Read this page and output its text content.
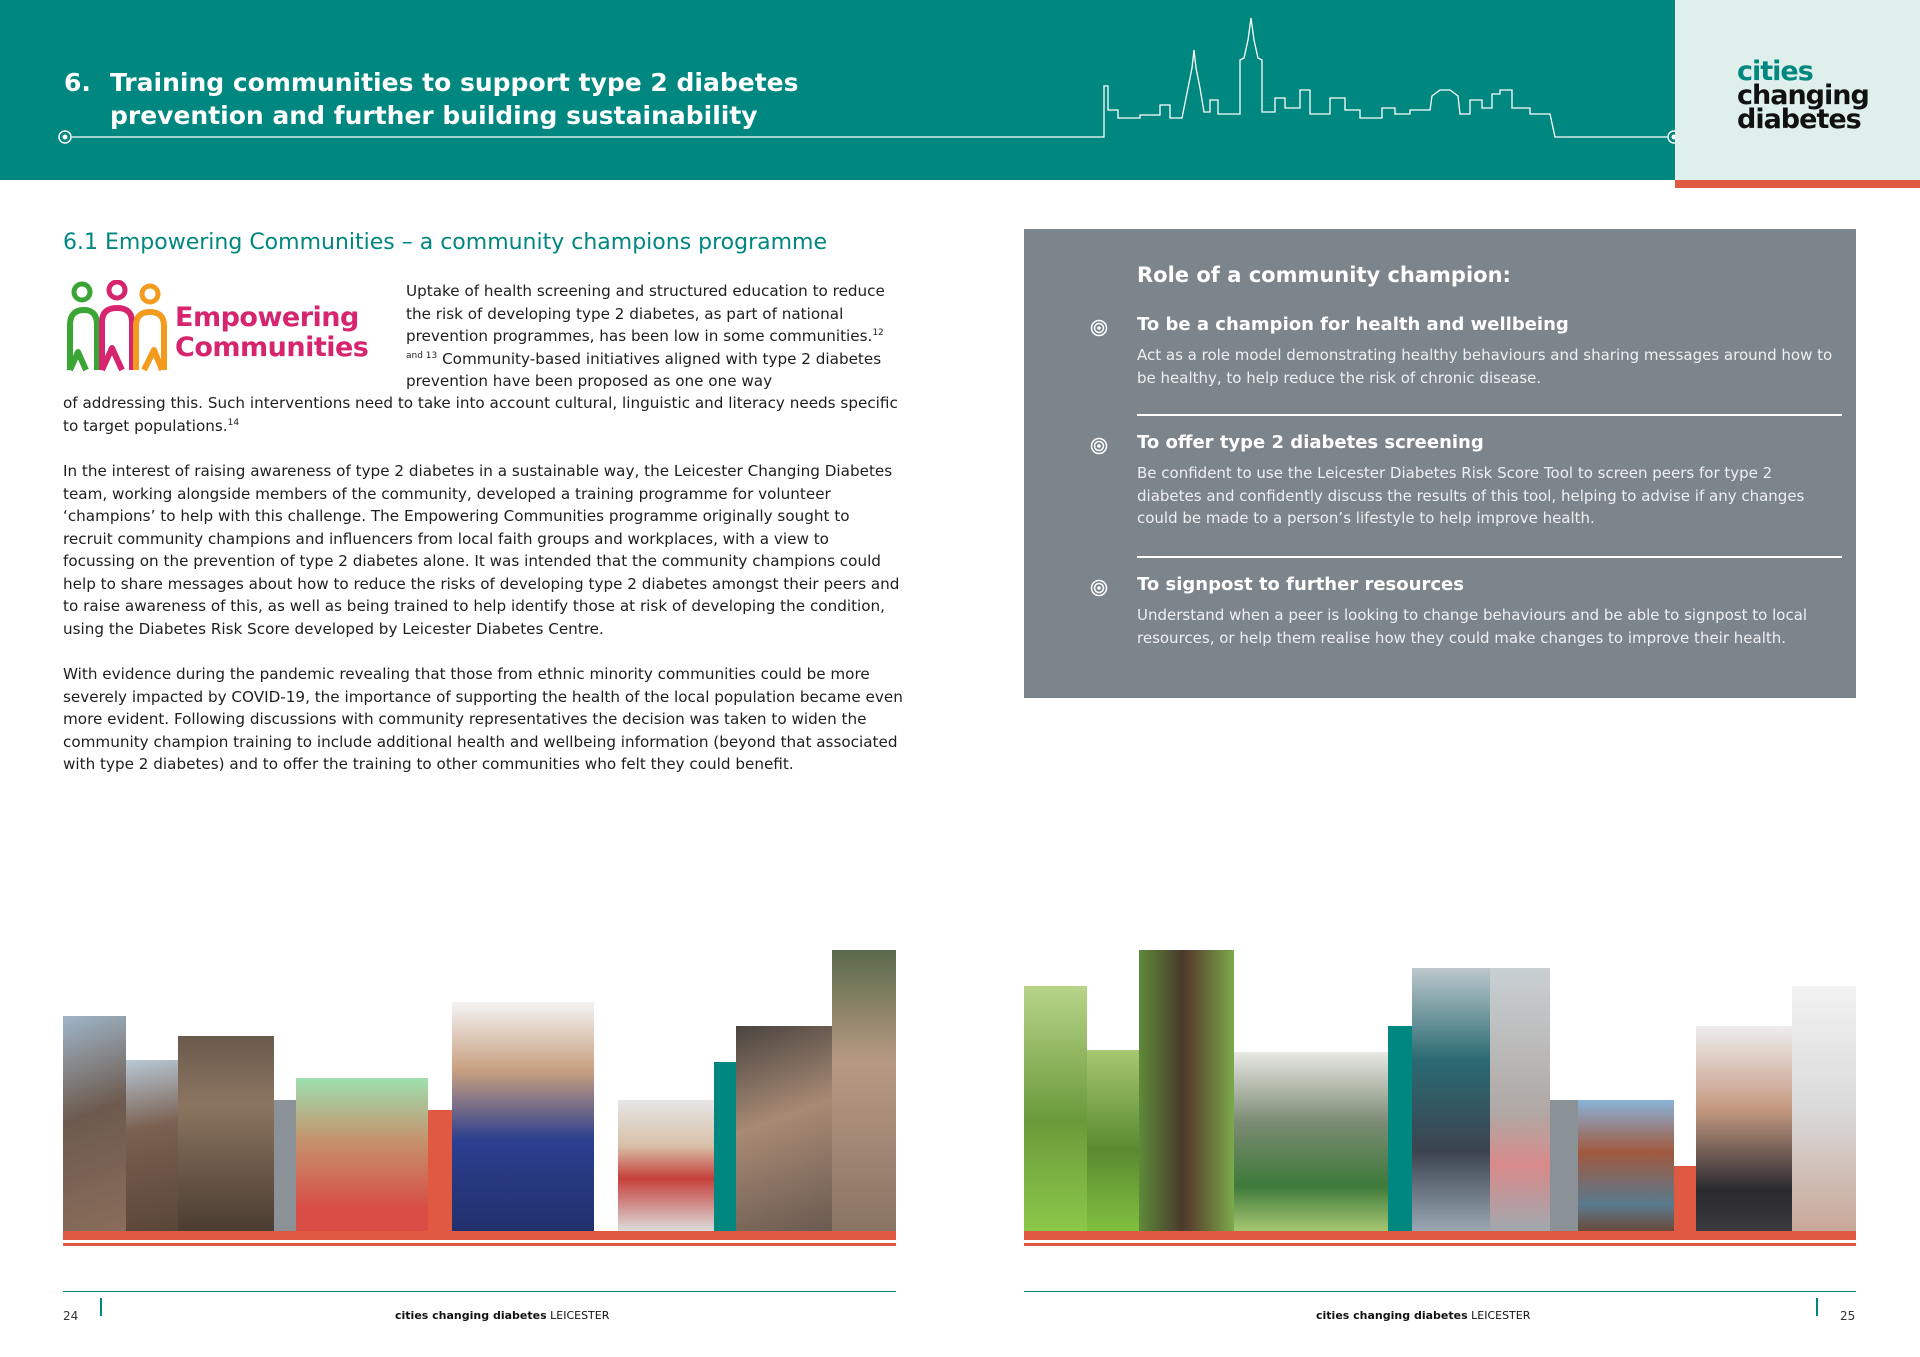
6. Training communities to support type 2 diabetes prevention and further building sustainability
cities
changing
diabetes
6.1 Empowering Communities – a community champions programme
Empowering
Communities
Uptake of health screening and structured education to reduce the risk of developing type 2 diabetes, as part of national prevention programmes, has been low in some communities.$^{12 and 13}$ Community-based initiatives aligned with type 2 diabetes prevention have been proposed as one one way
of addressing this. Such interventions need to take into account cultural, linguistic and literacy needs specific to target populations.$^{14}$
In the interest of raising awareness of type 2 diabetes in a sustainable way, the Leicester Changing Diabetes team, working alongside members of the community, developed a training programme for volunteer ‘champions’ to help with this challenge. The Empowering Communities programme originally sought to recruit community champions and influencers from local faith groups and workplaces, with a view to focussing on the prevention of type 2 diabetes alone. It was intended that the community champions could help to share messages about how to reduce the risks of developing type 2 diabetes amongst their peers and to raise awareness of this, as well as being trained to help identify those at risk of developing the condition, using the Diabetes Risk Score developed by Leicester Diabetes Centre.
With evidence during the pandemic revealing that those from ethnic minority communities could be more severely impacted by COVID-19, the importance of supporting the health of the local population became even more evident. Following discussions with community representatives the decision was taken to widen the community champion training to include additional health and wellbeing information (beyond that associated with type 2 diabetes) and to offer the training to other communities who felt they could benefit.
Role of a community champion:
To be a champion for health and wellbeing
Act as a role model demonstrating healthy behaviours and sharing messages around how to be healthy, to help reduce the risk of chronic disease.
To offer type 2 diabetes screening
Be confident to use the Leicester Diabetes Risk Score Tool to screen peers for type 2 diabetes and confidently discuss the results of this tool, helping to advise if any changes could be made to a person’s lifestyle to help improve health.
To signpost to further resources
Understand when a peer is looking to change behaviours and be able to signpost to local resources, or help them realise how they could make changes to improve their health.
24	25
cities changing diabetes LEICESTER	cities changing diabetes LEICESTER
